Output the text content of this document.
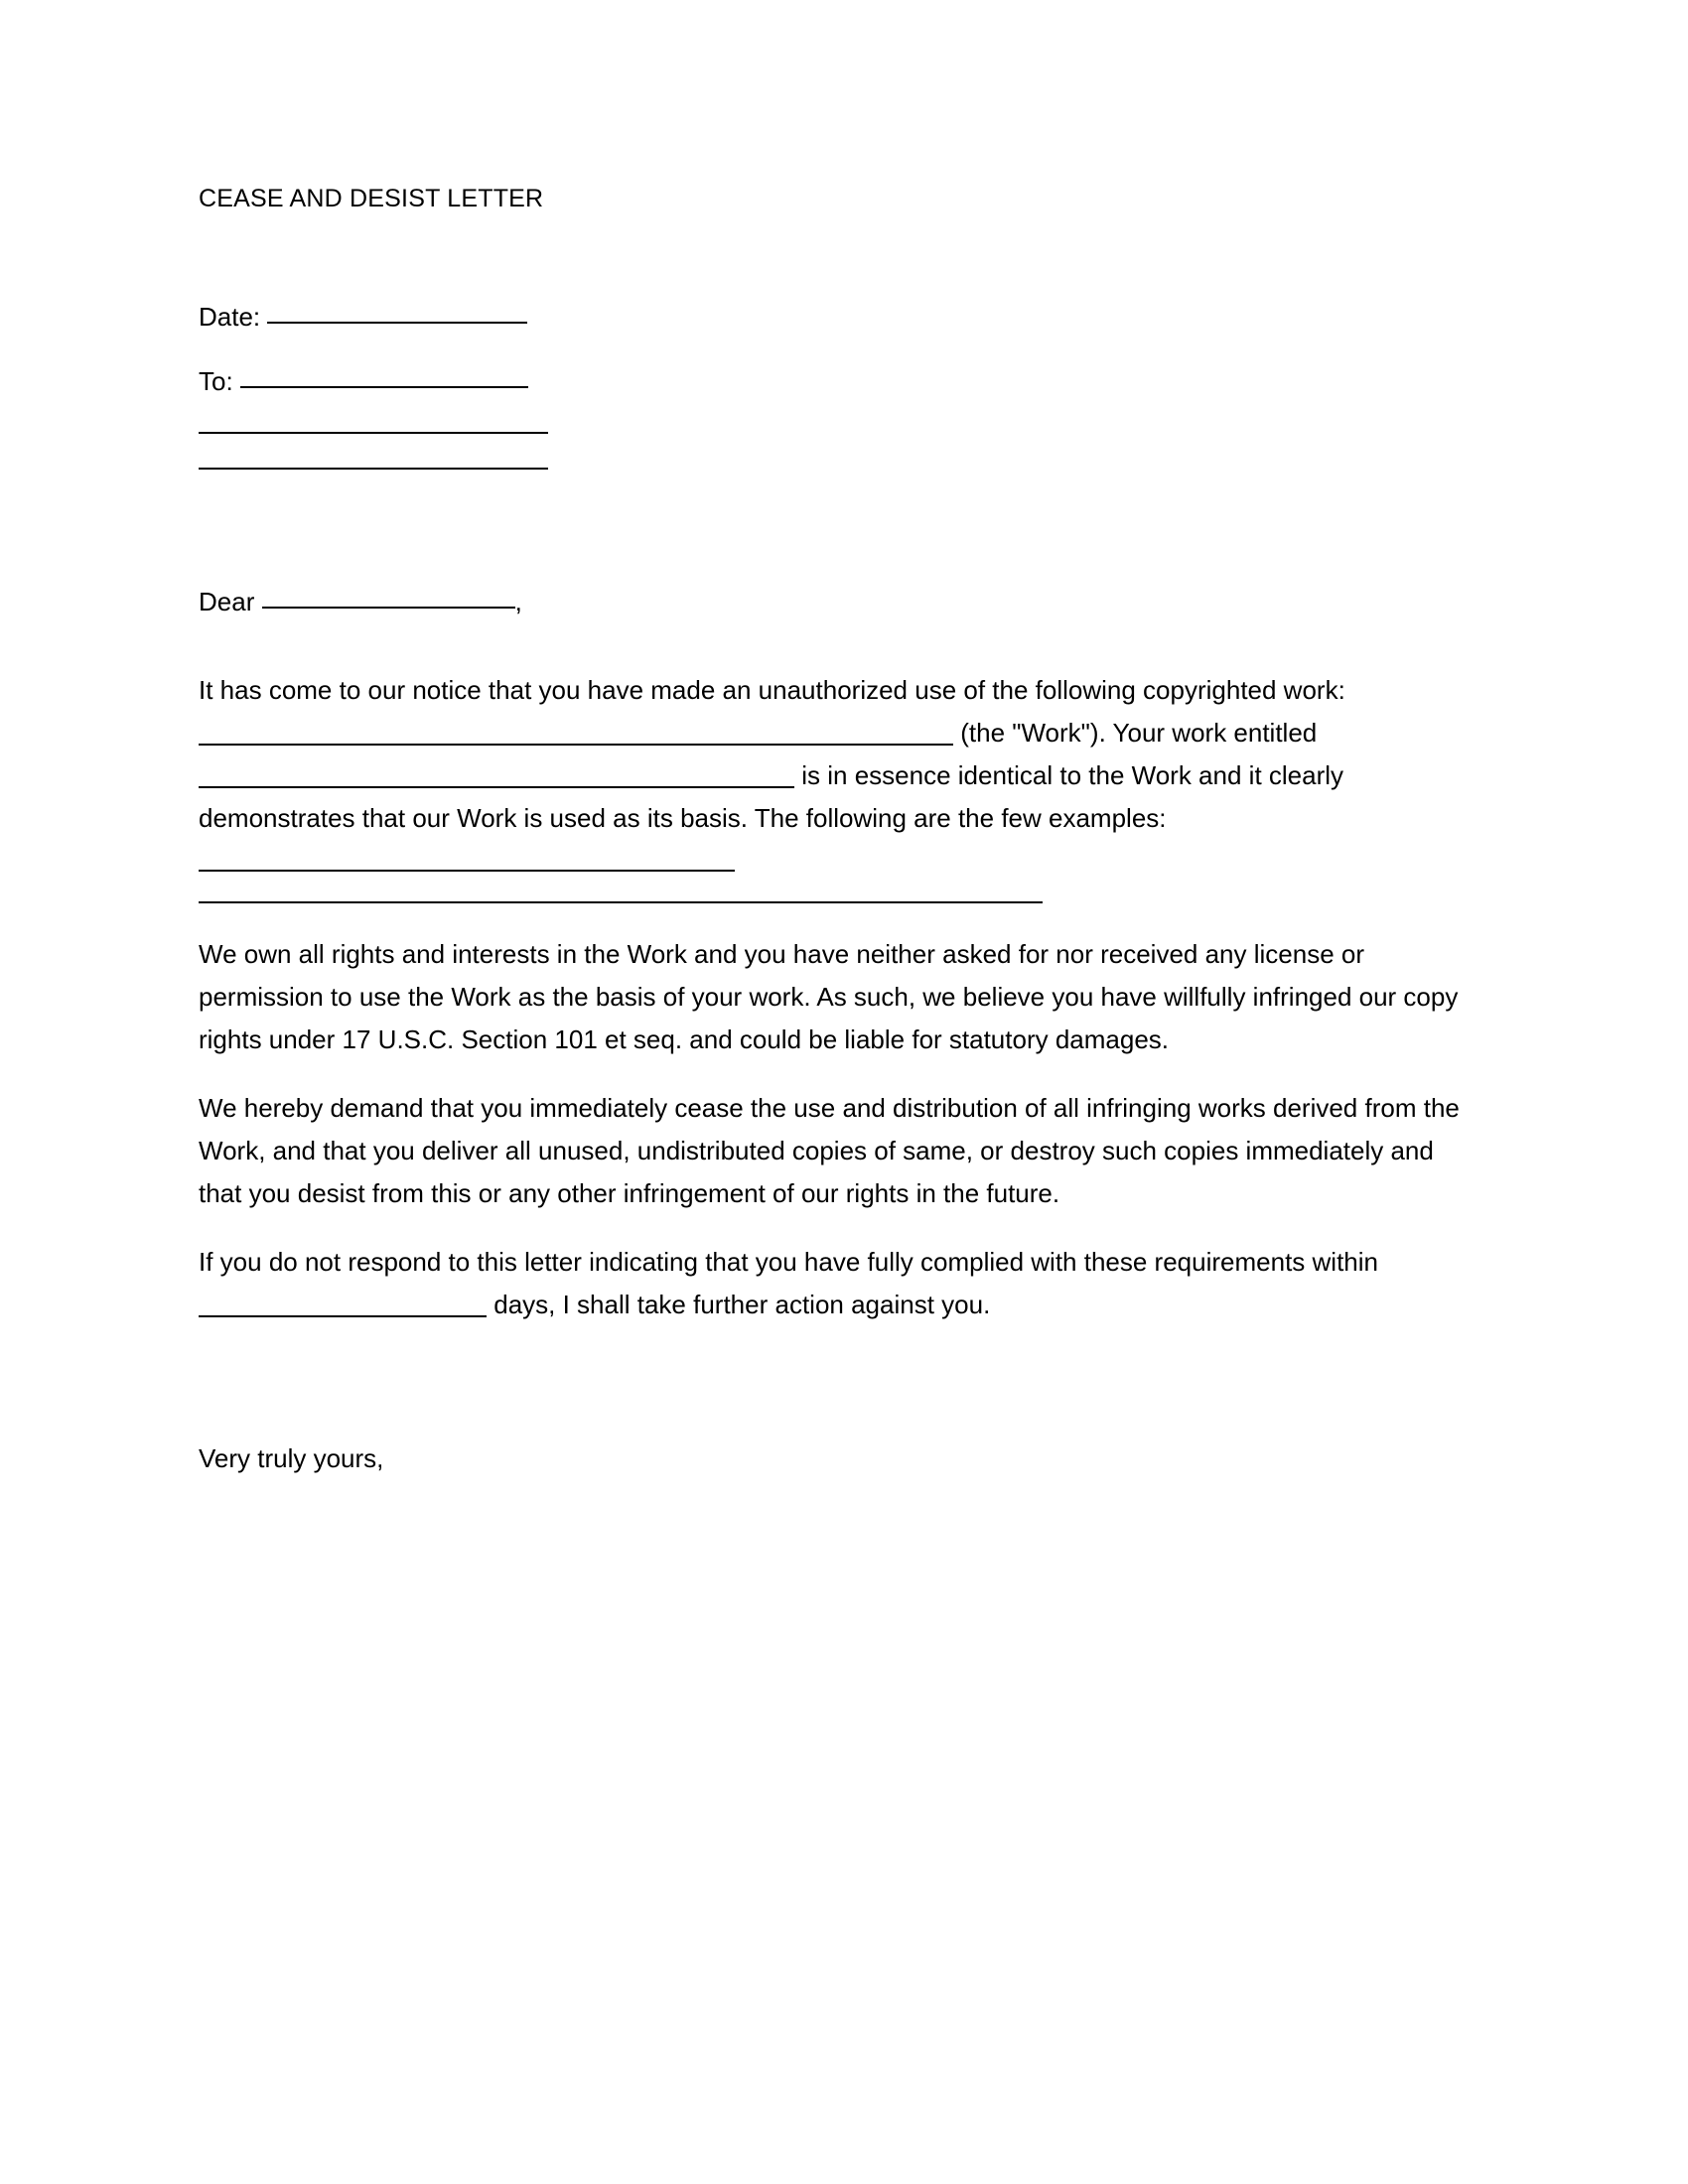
CEASE AND DESIST LETTER
Date:
To:
Dear	,

It has come to our notice that you have made an unauthorized use of the following copyrighted work:  (the "Work"). Your work entitled  is in essence identical to the Work and it clearly demonstrates that our Work is used as its basis. The following are the few examples:

We own all rights and interests in the Work and you have neither asked for nor received any license or permission to use the Work as the basis of your work. As such, we believe you have willfully infringed our copy rights under 17 U.S.C. Section 101 et seq. and could be liable for statutory damages.

We hereby demand that you immediately cease the use and distribution of all infringing works derived from the Work, and that you deliver all unused, undistributed copies of same, or destroy such copies immediately and that you desist from this or any other infringement of our rights in the future.

If you do not respond to this letter indicating that you have fully complied with these requirements within  days, I shall take further action against you.

Very truly yours,
